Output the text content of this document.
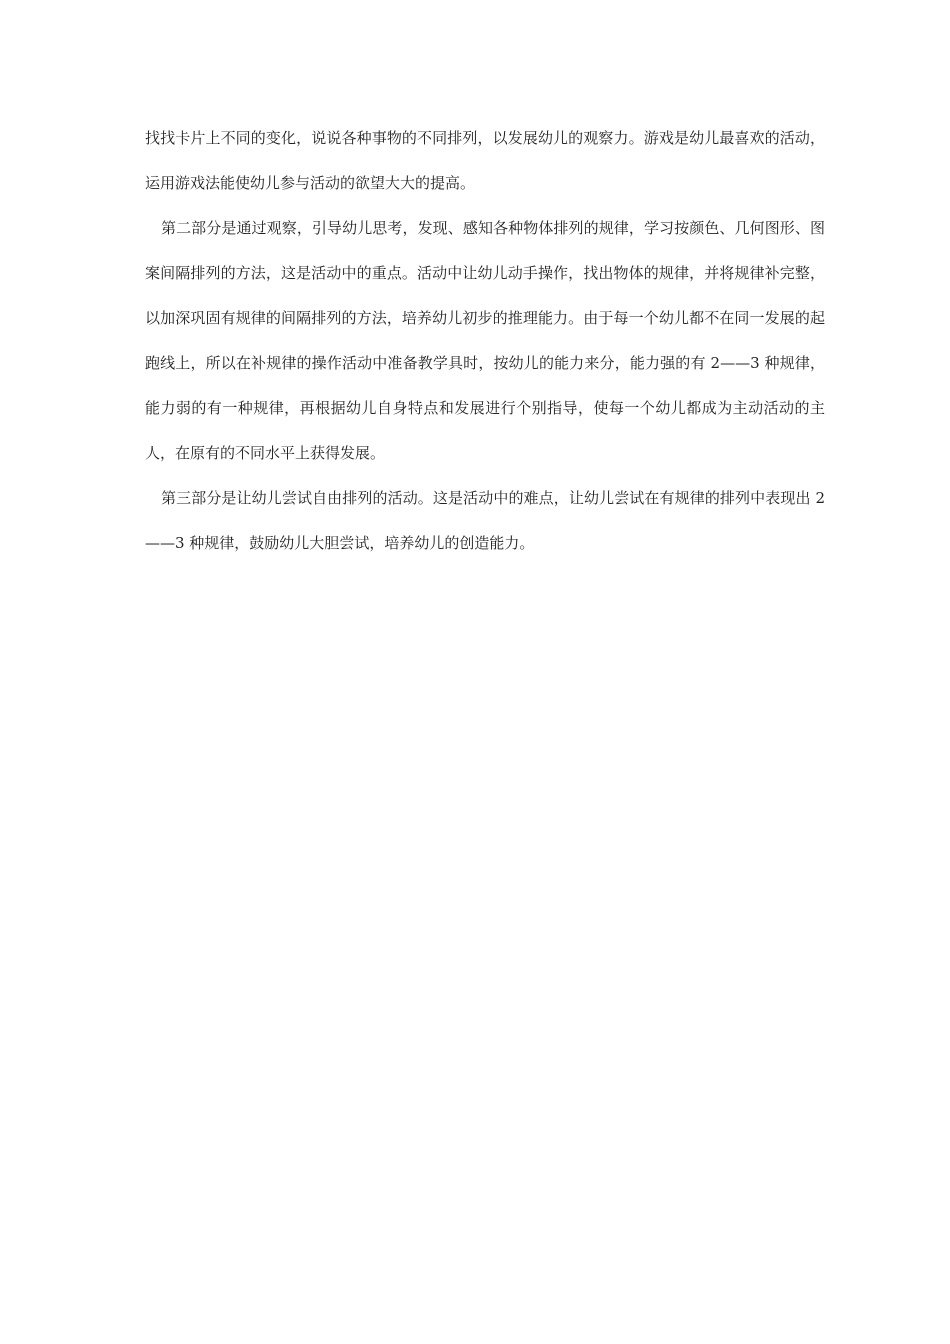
找找卡片上不同的变化，说说各种事物的不同排列，以发展幼儿的观察力。游戏是幼儿最喜欢的活动，运用游戏法能使幼儿参与活动的欲望大大的提高。

第二部分是通过观察，引导幼儿思考，发现、感知各种物体排列的规律，学习按颜色、几何图形、图案间隔排列的方法，这是活动中的重点。活动中让幼儿动手操作，找出物体的规律，并将规律补完整，以加深巩固有规律的间隔排列的方法，培养幼儿初步的推理能力。由于每一个幼儿都不在同一发展的起跑线上，所以在补规律的操作活动中准备教学具时，按幼儿的能力来分，能力强的有 2——3 种规律，能力弱的有一种规律，再根据幼儿自身特点和发展进行个别指导，使每一个幼儿都成为主动活动的主人，在原有的不同水平上获得发展。

第三部分是让幼儿尝试自由排列的活动。这是活动中的难点，让幼儿尝试在有规律的排列中表现出 2——3 种规律，鼓励幼儿大胆尝试，培养幼儿的创造能力。
